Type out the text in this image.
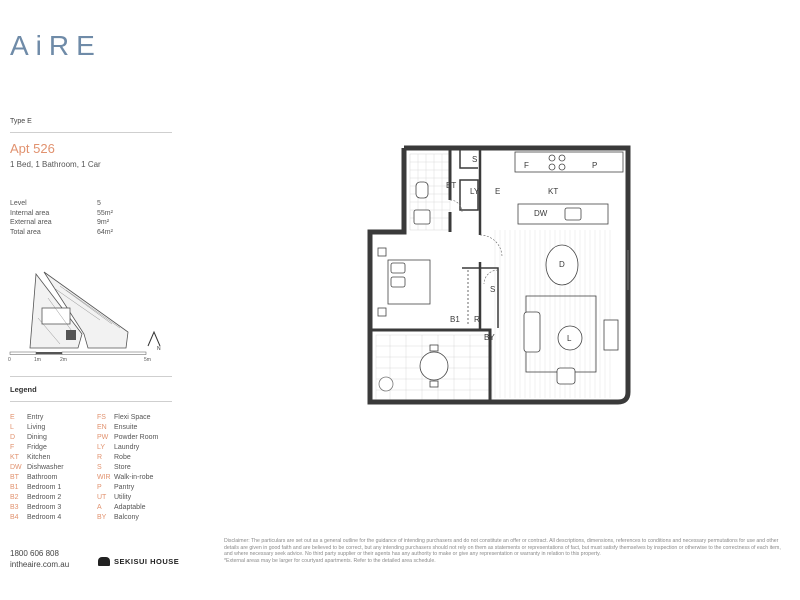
AiRE
Type E
Apt 526
1 Bed, 1 Bathroom, 1 Car
Level	5
Internal area	55m²
External area	9m²
Total area	64m²
0	1m	2m	5m
N
Legend
E	Entry
L	Living
D	Dining
F	Fridge
KT	Kitchen
DW Dishwasher
BT	Bathroom
B1	Bedroom 1
B2	Bedroom 2
B3	Bedroom 3
B4	Bedroom 4
FS	Flexi Space
EN	Ensuite
PW Powder Room
LY	Laundry
R	Robe
S	Store
WIR Walk-in-robe
P	Pantry
UT	Utility
A	Adaptable
BY	Balcony
1800 606 808
intheaire.com.au	SEKISUI HOUSE
Disclaimer: The particulars are set out as a general outline for the guidance of intending purchasers and do not constitute an offer or contract. All descriptions, dimensions, references to conditions and necessary permutations for use and other details are given in good faith and are believed to be correct, but any intending purchasers should not rely on them as statements or representations of fact, but must satisfy themselves by inspection or otherwise to the correctness of each item, and where necessary seek advice. No third party supplier or their agents has any authority to make or give any representation or warranty in relation to this property.
*External areas may be larger for courtyard apartments. Refer to the detailed area schedule.
S
F	P
BT
LY E	KT
DW
D
S
B1 R
BY	L
